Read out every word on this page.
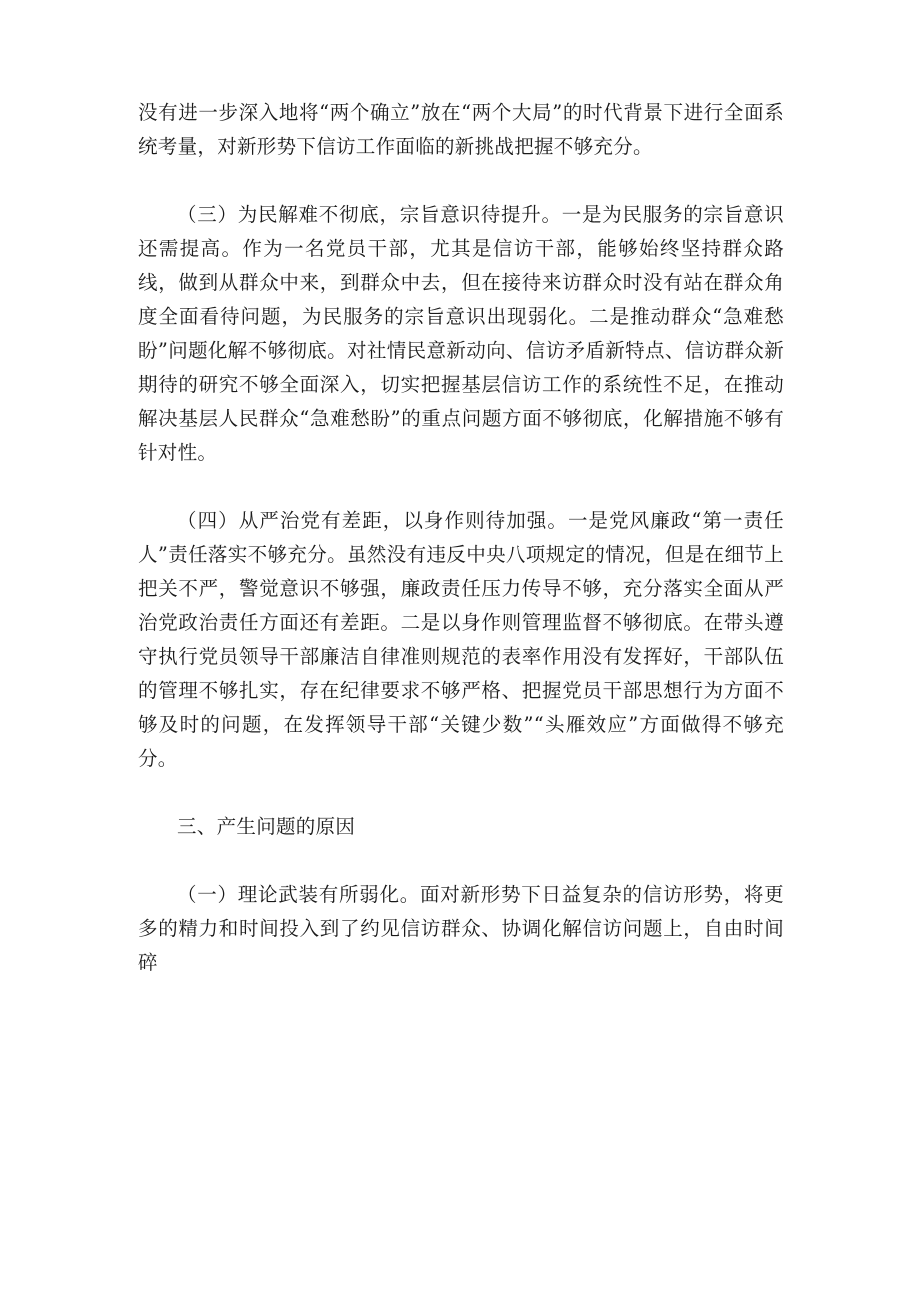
没有进一步深入地将“两个确立”放在“两个大局”的时代背景下进行全面系统考量，对新形势下信访工作面临的新挑战把握不够充分。

（三）为民解难不彻底，宗旨意识待提升。一是为民服务的宗旨意识还需提高。作为一名党员干部，尤其是信访干部，能够始终坚持群众路线，做到从群众中来，到群众中去，但在接待来访群众时没有站在群众角度全面看待问题，为民服务的宗旨意识出现弱化。二是推动群众“急难愁盼”问题化解不够彻底。对社情民意新动向、信访矛盾新特点、信访群众新期待的研究不够全面深入，切实把握基层信访工作的系统性不足，在推动解决基层人民群众“急难愁盼”的重点问题方面不够彻底，化解措施不够有针对性。

（四）从严治党有差距，以身作则待加强。一是党风廉政“第一责任人”责任落实不够充分。虽然没有违反中央八项规定的情况，但是在细节上把关不严，警觉意识不够强，廉政责任压力传导不够，充分落实全面从严治党政治责任方面还有差距。二是以身作则管理监督不够彻底。在带头遵守执行党员领导干部廉洁自律准则规范的表率作用没有发挥好，干部队伍的管理不够扎实，存在纪律要求不够严格、把握党员干部思想行为方面不够及时的问题，在发挥领导干部“关键少数”“头雁效应”方面做得不够充分。

三、产生问题的原因

（一）理论武装有所弱化。面对新形势下日益复杂的信访形势，将更多的精力和时间投入到了约见信访群众、协调化解信访问题上，自由时间碎
